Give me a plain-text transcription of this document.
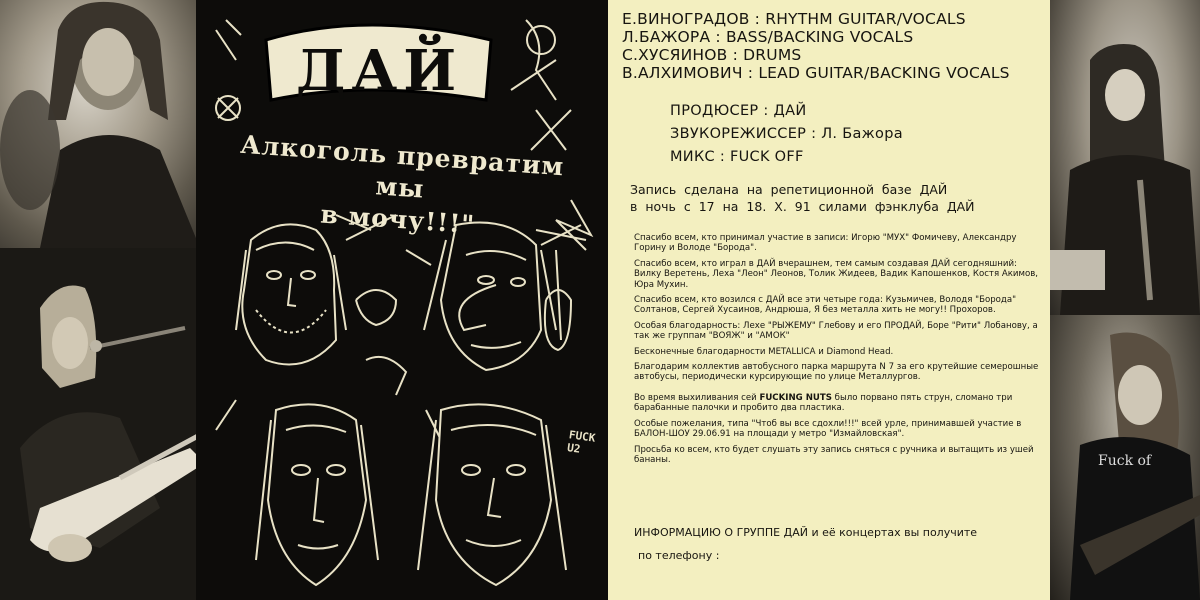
Fuck of
ДАЙ
Алкоголь превратим мы
в мочу!!!"
FUCK U2
Е.ВИНОГРАДОВ : RHYTHM GUITAR/VOCALS
Л.БАЖОРА : BASS/BACKING VOCALS
С.ХУСЯИНОВ : DRUMS
В.АЛХИМОВИЧ : LEAD GUITAR/BACKING VOCALS
ПРОДЮСЕР : ДАЙ
ЗВУКОРЕЖИССЕР : Л. Бажора
МИКС : FUCK OFF
Запись сделана на репетиционной базе ДАЙ
в ночь с 17 на 18. X. 91 силами фэнклуба ДАЙ

Спасибо всем, кто принимал участие в записи: Игорю "МУХ" Фомичеву, Александру Горину и Володе "Борода".

Спасибо всем, кто играл в ДАЙ вчерашнем, тем самым создавая ДАЙ сегодняшний: Вилку Веретень, Леха "Леон" Леонов, Толик Жидеев, Вадик Капошенков, Костя Акимов, Юра Мухин.

Спасибо всем, кто возился с ДАЙ все эти четыре года: Кузьмичев, Володя "Борода" Солтанов, Сергей Хусаинов, Андрюша, Я без металла хить не могу!! Прохоров.

Особая благодарность: Лехе "РЫЖЕМУ" Глебову и его ПРОДАЙ, Боре "Рити" Лобанову, а так же группам "ВОЯЖ" и "АМОК"

Бесконечные благодарности METALLICA и Diamond Head.

Благодарим коллектив автобусного парка маршрута N 7 за его крутейшие семерошные автобусы, периодически курсирующие по улице Металлургов.

Во время выхиливания сей FUCKING NUTS было порвано пять струн, сломано три барабанные палочки и пробито два пластика.

Особые пожелания, типа "Чтоб вы все сдохли!!!" всей урле, принимавшей участие в БАЛОН-ШОУ 29.06.91 на площади у метро "Измайловская".

Просьба ко всем, кто будет слушать эту запись сняться с ручника и вытащить из ушей бананы.

ИНФОРМАЦИЮ О ГРУППЕ ДАЙ и её концертах вы получите
по телефону :
